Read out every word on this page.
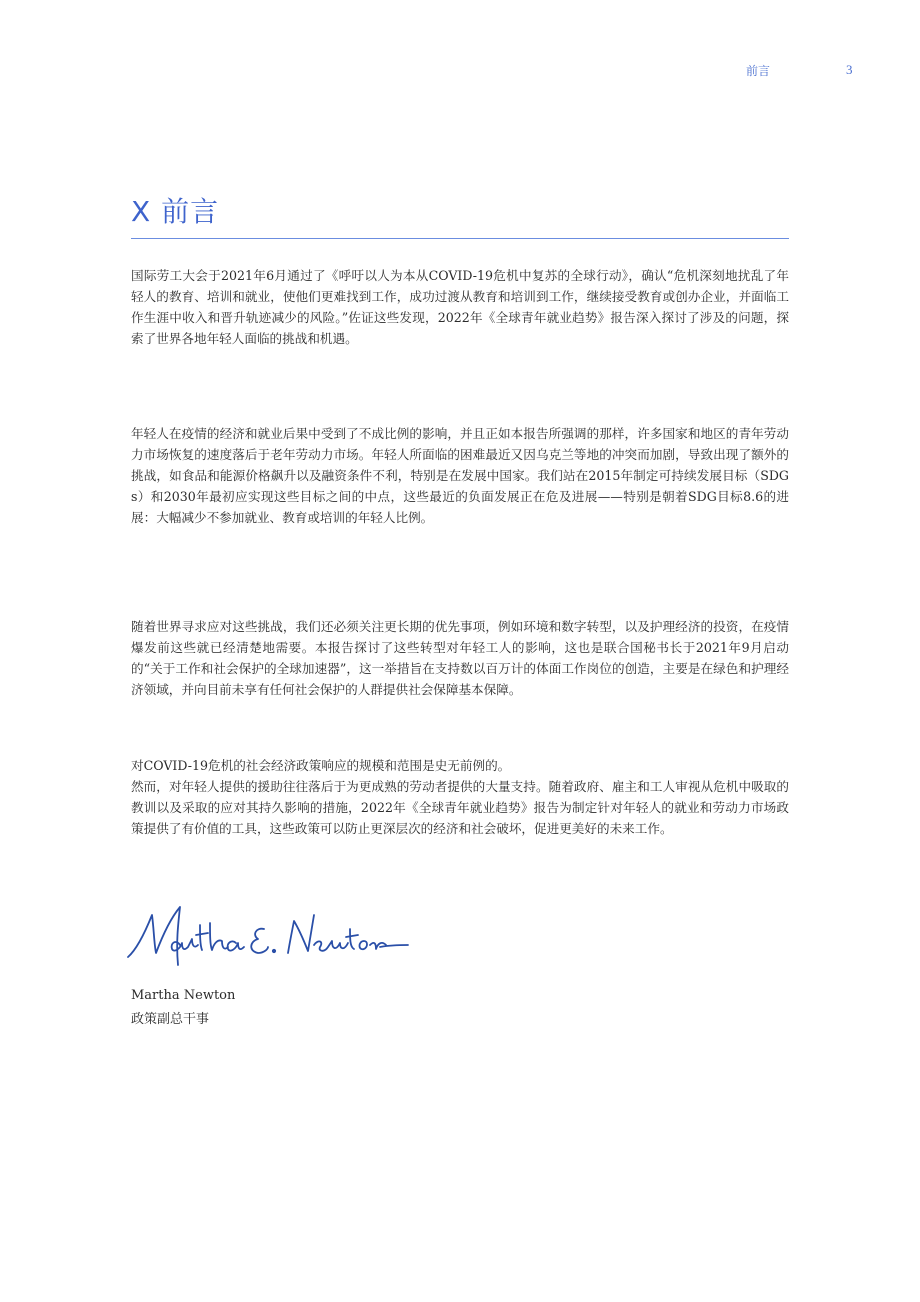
前言	3
X 前言

国际劳工大会于2021年6月通过了《呼吁以人为本从COVID-19危机中复苏的全球行动》，确认“危机深刻地扰乱了年轻人的教育、培训和就业，使他们更难找到工作，成功过渡从教育和培训到工作，继续接受教育或创办企业，并面临工作生涯中收入和晋升轨迹减少的风险。”佐证这些发现，2022年《全球青年就业趋势》报告深入探讨了涉及的问题，探索了世界各地年轻人面临的挑战和机遇。

年轻人在疫情的经济和就业后果中受到了不成比例的影响，并且正如本报告所强调的那样，许多国家和地区的青年劳动力市场恢复的速度落后于老年劳动力市场。年轻人所面临的困难最近又因乌克兰等地的冲突而加剧，导致出现了额外的挑战，如食品和能源价格飙升以及融资条件不利，特别是在发展中国家。我们站在2015年制定可持续发展目标（SDGs）和2030年最初应实现这些目标之间的中点，这些最近的负面发展正在危及进展——特别是朝着SDG目标8.6的进展：大幅减少不参加就业、教育或培训的年轻人比例。

随着世界寻求应对这些挑战，我们还必须关注更长期的优先事项，例如环境和数字转型，以及护理经济的投资，在疫情爆发前这些就已经清楚地需要。本报告探讨了这些转型对年轻工人的影响，这也是联合国秘书长于2021年9月启动的“关于工作和社会保护的全球加速器”，这一举措旨在支持数以百万计的体面工作岗位的创造，主要是在绿色和护理经济领域，并向目前未享有任何社会保护的人群提供社会保障基本保障。

对COVID-19危机的社会经济政策响应的规模和范围是史无前例的。
然而，对年轻人提供的援助往往落后于为更成熟的劳动者提供的大量支持。随着政府、雇主和工人审视从危机中吸取的教训以及采取的应对其持久影响的措施，2022年《全球青年就业趋势》报告为制定针对年轻人的就业和劳动力市场政策提供了有价值的工具，这些政策可以防止更深层次的经济和社会破坏，促进更美好的未来工作。

Martha Newton
政策副总干事
